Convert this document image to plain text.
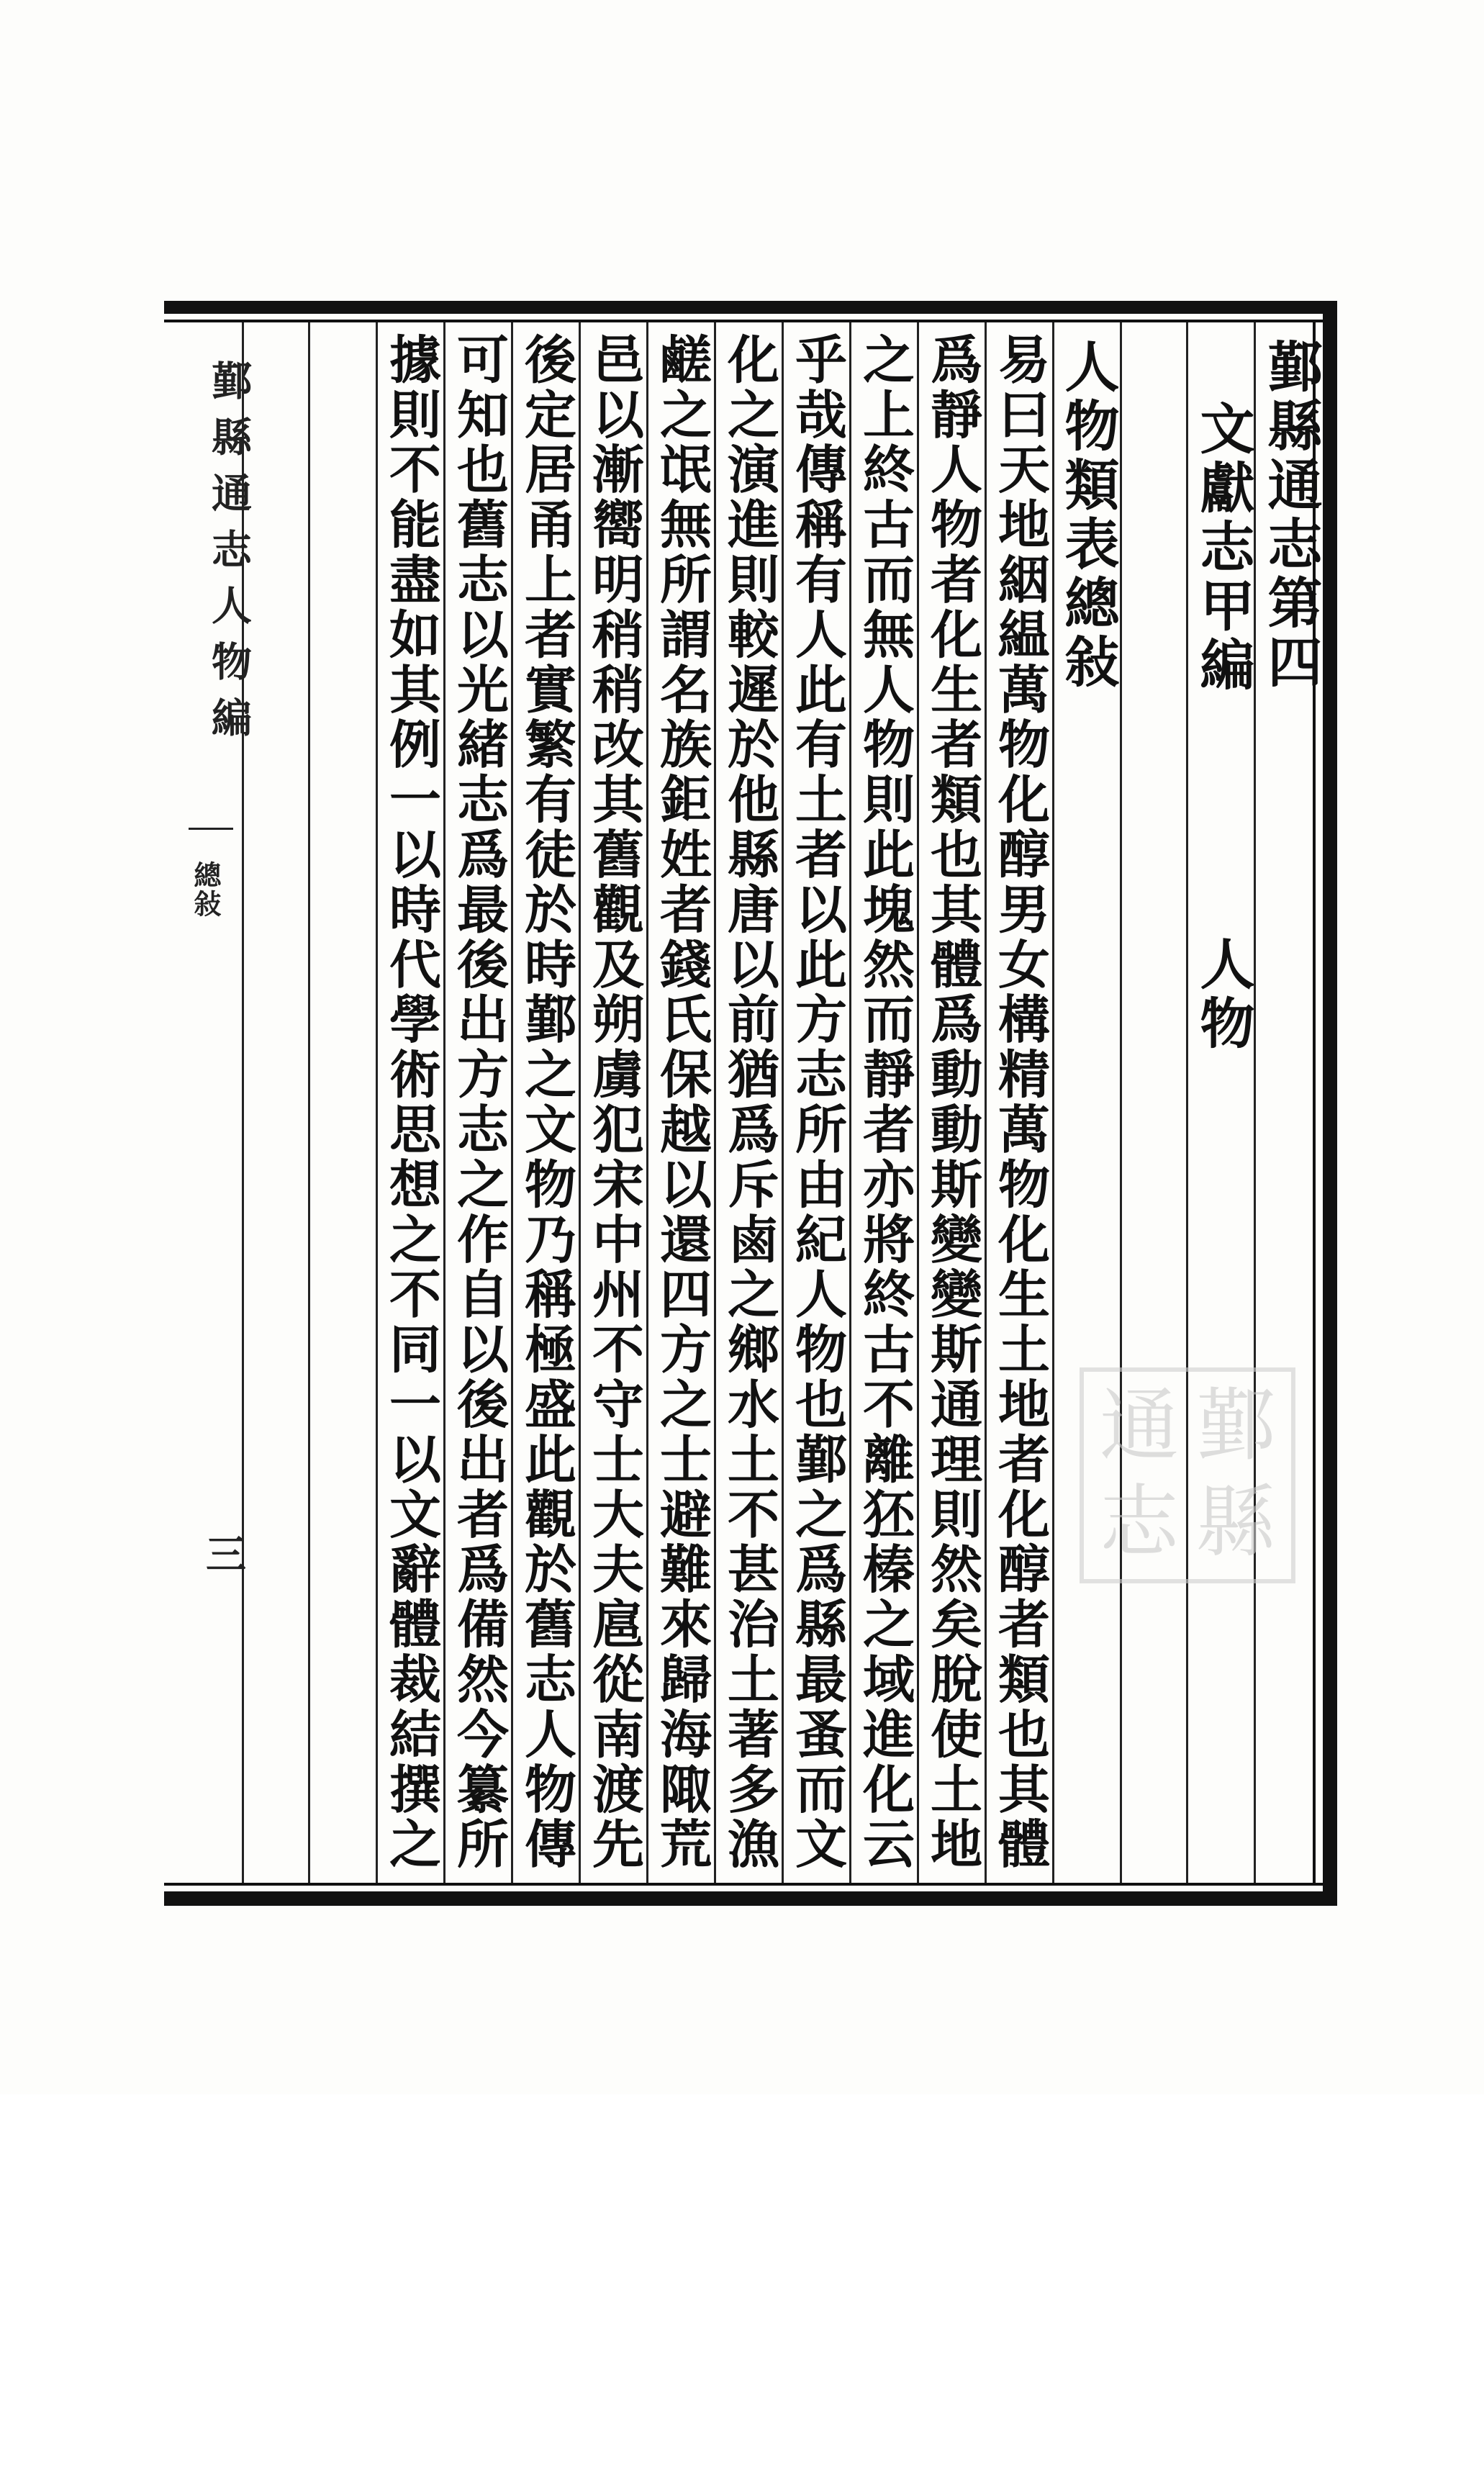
鄞縣通志第四
文獻志甲編
人物
人物類表總敍
易曰天地絪緼萬物化醇男女構精萬物化生土地者化醇者類也其體
爲靜人物者化生者類也其體爲動動斯變變斯通理則然矣脫使土地
之上終古而無人物則此塊然而靜者亦將終古不離狉榛之域進化云
乎哉傳稱有人此有土者以此方志所由紀人物也鄞之爲縣最蚤而文
化之演進則較遲於他縣唐以前猶爲斥鹵之鄉水土不甚治土著多漁
鹺之氓無所謂名族鉅姓者錢氏保越以還四方之士避難來歸海陬荒
邑以漸嚮明稍稍改其舊觀及朔虜犯宋中州不守士大夫扈從南渡先
後定居甬上者實繁有徒於時鄞之文物乃稱極盛此觀於舊志人物傳
可知也舊志以光緒志爲最後出方志之作自以後出者爲備然今纂所
據則不能盡如其例一以時代學術思想之不同一以文辭體裁結撰之
鄞縣通志人物編
總敍
三
通 鄞
志 縣
